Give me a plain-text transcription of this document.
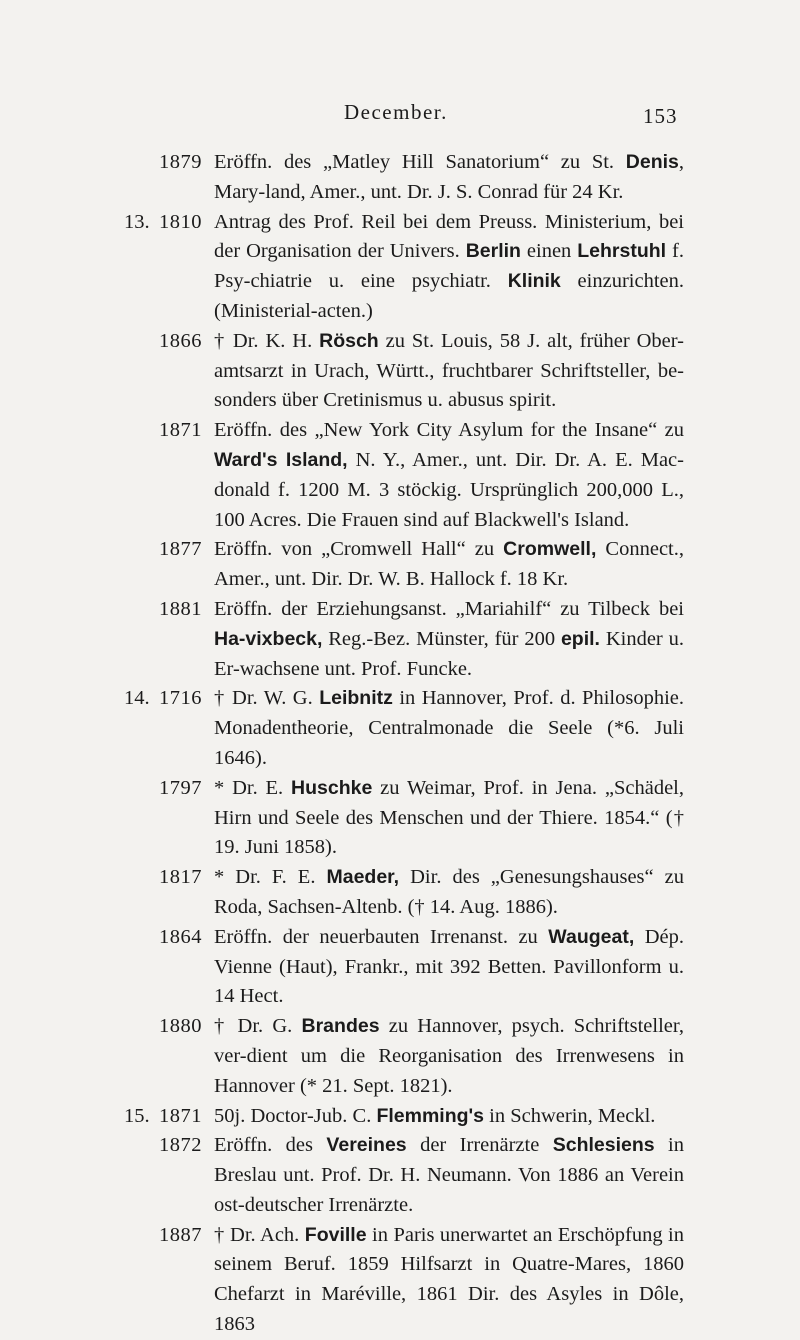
December.	153
1879 Eröffn. des „Matley Hill Sanatorium“ zu St. Denis, Mary-land, Amer., unt. Dr. J. S. Conrad für 24 Kr.
13. 1810 Antrag des Prof. Reil bei dem Preuss. Ministerium, bei der Organisation der Univers. Berlin einen Lehrstuhl f. Psy-chiatrie u. eine psychiatr. Klinik einzurichten. (Ministerial-acten.)
1866 † Dr. K. H. Rösch zu St. Louis, 58 J. alt, früher Ober-amtsarzt in Urach, Württ., fruchtbarer Schriftsteller, be-sonders über Cretinismus u. abusus spirit.
1871 Eröffn. des „New York City Asylum for the Insane“ zu Ward's Island, N. Y., Amer., unt. Dir. Dr. A. E. Mac-donald f. 1200 M. 3 stöckig. Ursprünglich 200,000 L., 100 Acres. Die Frauen sind auf Blackwell's Island.
1877 Eröffn. von „Cromwell Hall“ zu Cromwell, Connect., Amer., unt. Dir. Dr. W. B. Hallock f. 18 Kr.
1881 Eröffn. der Erziehungsanst. „Mariahilf“ zu Tilbeck bei Ha-vixbeck, Reg.-Bez. Münster, für 200 epil. Kinder u. Er-wachsene unt. Prof. Funcke.
14. 1716 † Dr. W. G. Leibnitz in Hannover, Prof. d. Philosophie. Monadentheorie, Centralmonade die Seele (*6. Juli 1646).
1797 * Dr. E. Huschke zu Weimar, Prof. in Jena. „Schädel, Hirn und Seele des Menschen und der Thiere. 1854.“ († 19. Juni 1858).
1817 * Dr. F. E. Maeder, Dir. des „Genesungshauses“ zu Roda, Sachsen-Altenb. († 14. Aug. 1886).
1864 Eröffn. der neuerbauten Irrenanst. zu Waugeat, Dép. Vienne (Haut), Frankr., mit 392 Betten. Pavillonform u. 14 Hect.
1880 † Dr. G. Brandes zu Hannover, psych. Schriftsteller, ver-dient um die Reorganisation des Irrenwesens in Hannover (* 21. Sept. 1821).
15. 1871 50j. Doctor-Jub. C. Flemming's in Schwerin, Meckl.
1872 Eröffn. des Vereines der Irrenärzte Schlesiens in Breslau unt. Prof. Dr. H. Neumann. Von 1886 an Verein ost-deutscher Irrenärzte.
1887 † Dr. Ach. Foville in Paris unerwartet an Erschöpfung in seinem Beruf. 1859 Hilfsarzt in Quatre-Mares, 1860 Chefarzt in Maréville, 1861 Dir. des Asyles in Dôle, 1863
